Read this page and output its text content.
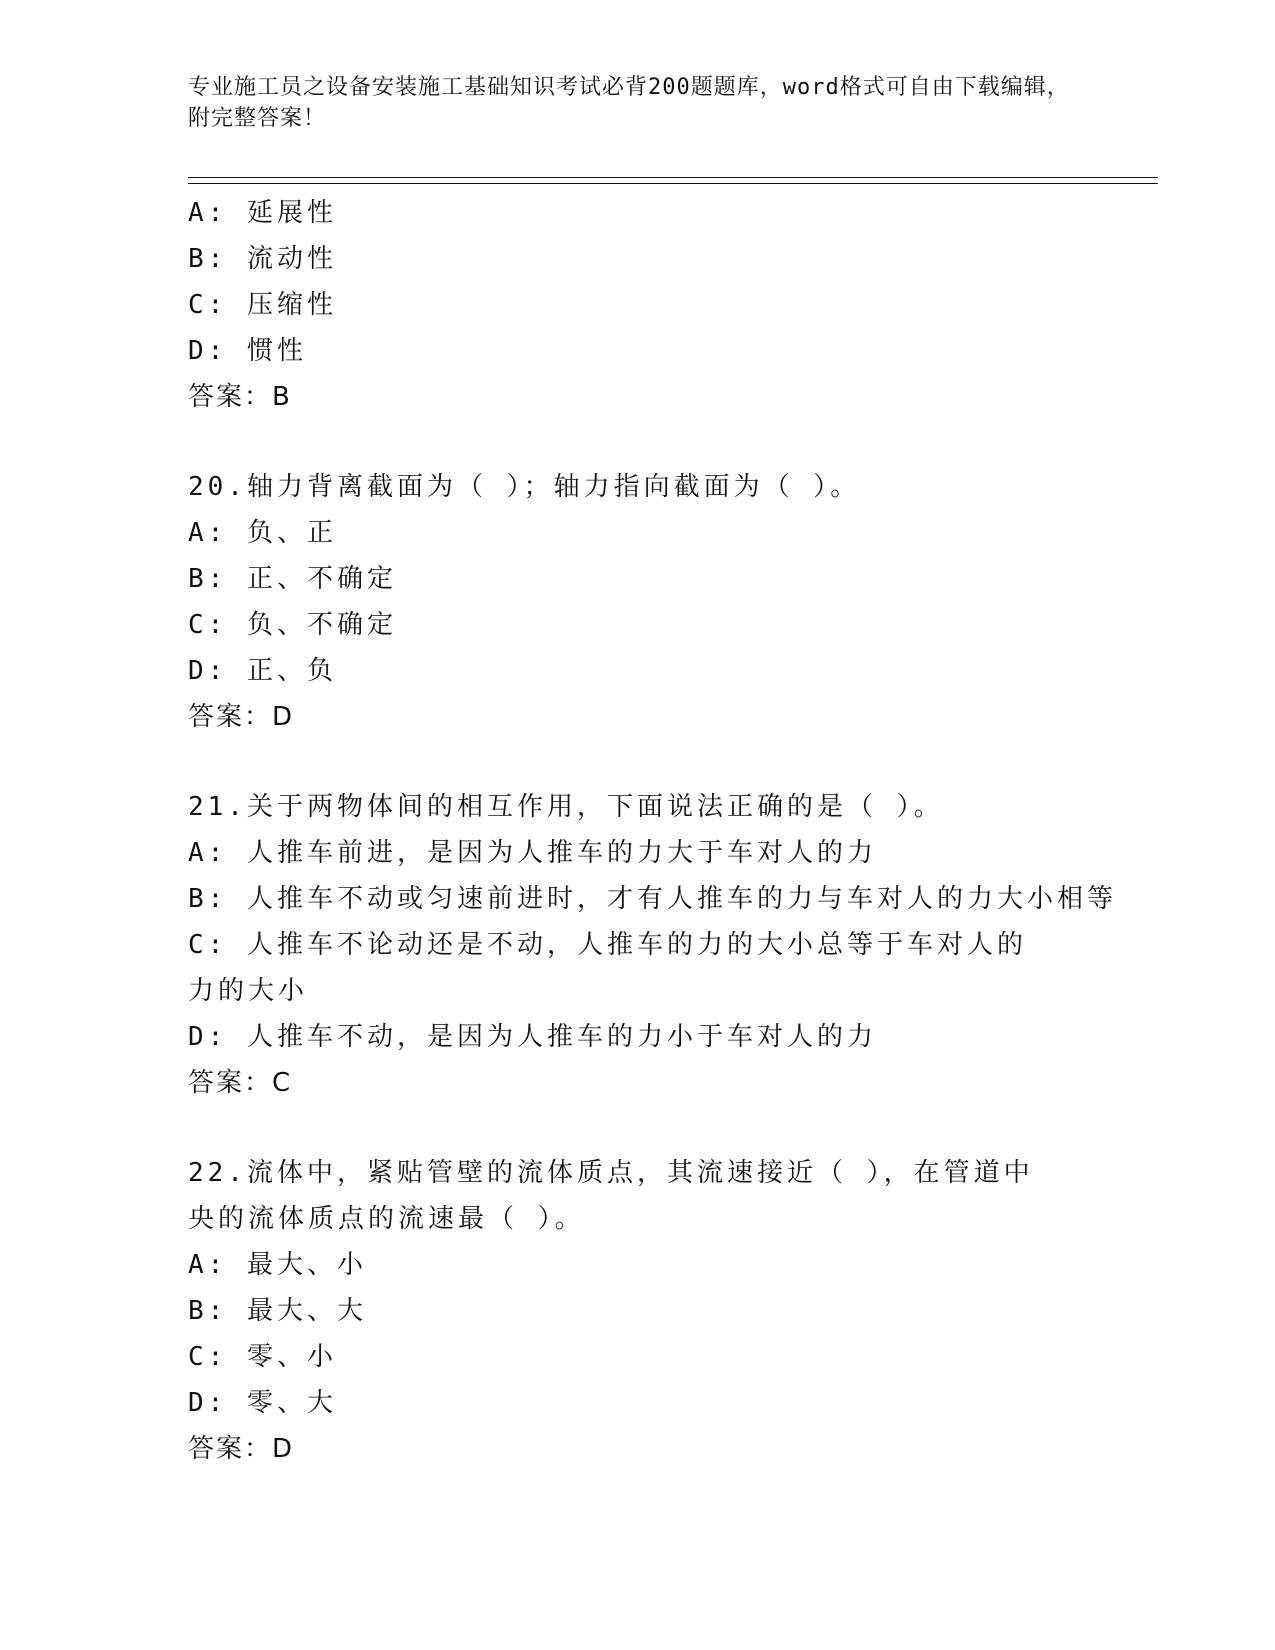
专业施工员之设备安装施工基础知识考试必背200题题库，word格式可自由下载编辑，附完整答案！
A: 延展性
B: 流动性
C: 压缩性
D: 惯性
答案：B
20.轴力背离截面为（ ）；轴力指向截面为（ ）。
A: 负、正
B: 正、不确定
C: 负、不确定
D: 正、负
答案：D
21.关于两物体间的相互作用，下面说法正确的是（ ）。
A: 人推车前进，是因为人推车的力大于车对人的力
B: 人推车不动或匀速前进时，才有人推车的力与车对人的力大小相等
C: 人推车不论动还是不动，人推车的力的大小总等于车对人的力的大小
D: 人推车不动，是因为人推车的力小于车对人的力
答案：C
22.流体中，紧贴管壁的流体质点，其流速接近（ ），在管道中央的流体质点的流速最（ ）。
A: 最大、小
B: 最大、大
C: 零、小
D: 零、大
答案：D
